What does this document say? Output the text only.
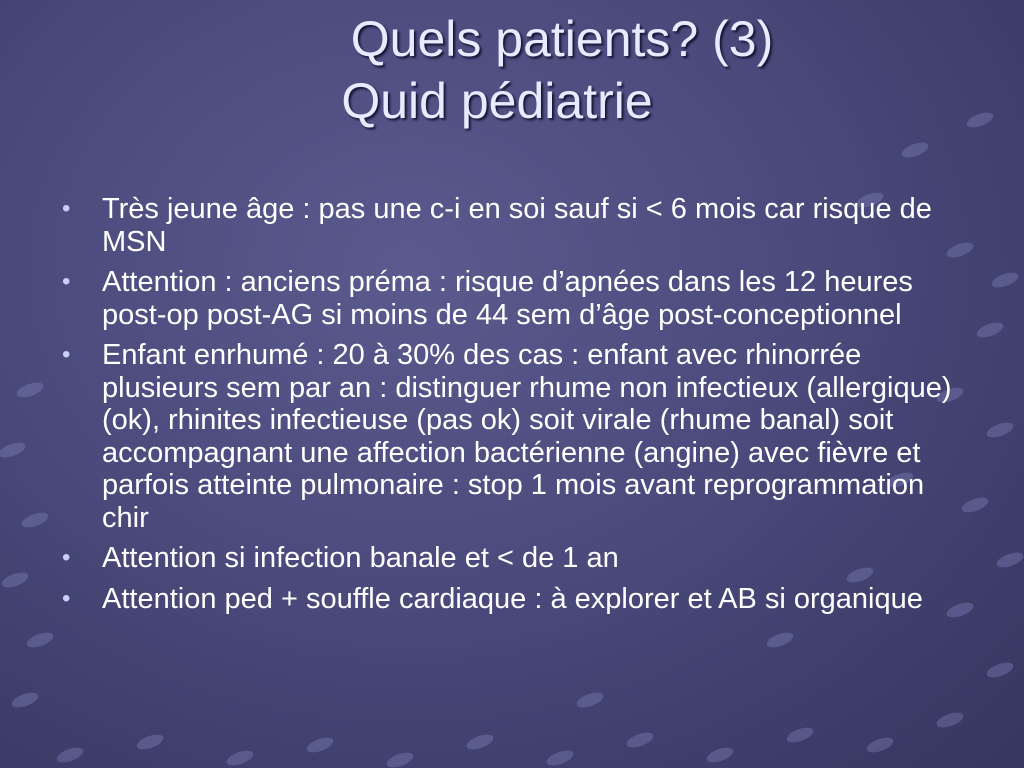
Quels patients? (3)
Quid pédiatrie
• Très jeune âge : pas une c-i en soi sauf si < 6 mois car risque de MSN
• Attention : anciens préma : risque d’apnées dans les 12 heures post-op post-AG si moins de 44 sem d’âge post-conceptionnel
• Enfant enrhumé : 20 à 30% des cas : enfant avec rhinorrée plusieurs sem par an : distinguer rhume non infectieux (allergique) (ok), rhinites infectieuse (pas ok) soit virale (rhume banal) soit accompagnant une affection bactérienne (angine) avec fièvre et parfois atteinte pulmonaire : stop 1 mois avant reprogrammation chir
• Attention si infection banale et < de 1 an
• Attention ped + souffle cardiaque : à explorer et AB si organique
